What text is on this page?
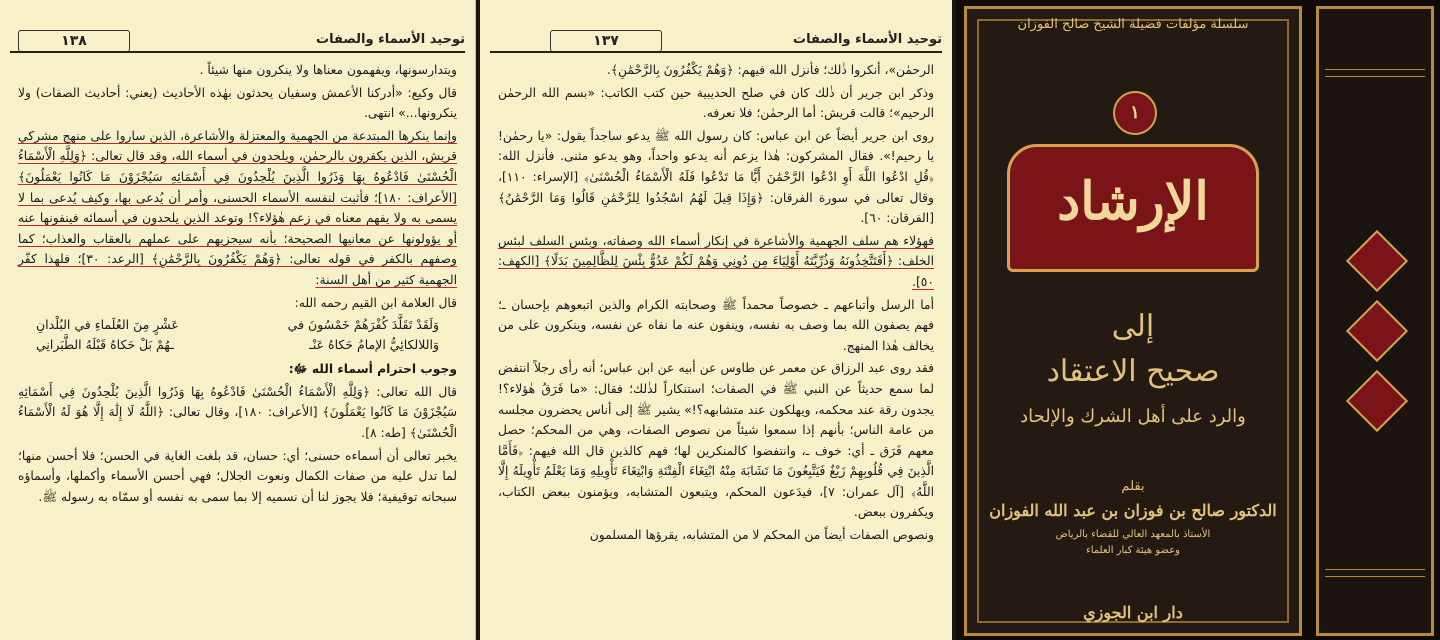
توحيد الأسماء والصفات
١٣٨

ويتدارسونها، ويفهمون معناها ولا ينكرون منها شيئاً .

قال وكيع: «أدركنا الأعمش وسفيان يحدثون بهٰذه الأحاديث (يعني: أحاديث الصفات) ولا ينكرونها...» انتهى.

وإنما ينكرها المبتدعة من الجهمية والمعتزلة والأشاعرة، الذين ساروا على منهج مشركي قريش، الذين يكفرون بالرحمٰن، ويلحدون في أسماء الله، وقد قال تعالى: ﴿وَلِلَّهِ الْأَسْمَاءُ الْحُسْنَىٰ فَادْعُوهُ بِهَا وَذَرُوا الَّذِينَ يُلْحِدُونَ فِي أَسْمَائِهِ سَيُجْزَوْنَ مَا كَانُوا يَعْمَلُونَ﴾ [الأعراف: ١٨٠]؛ فأثبت لنفسه الأسماء الحسنى، وأمر أن يُدعى بها، وكيف يُدعى بما لا يسمى به ولا يفهم معناه في زعم هٰؤلاء؟! وتوعد الذين يلحدون في أسمائه فينفونها عنه أو يؤولونها عن معانيها الصحيحة؛ بأنه سيجزيهم على عملهم بالعقاب والعذاب؛ كما وصفهم بالكفر في قوله تعالى: ﴿وَهُمْ يَكْفُرُونَ بِالرَّحْمَٰنِ﴾ [الرعد: ٣٠]؛ فلهذا كفّر الجهمية كثير من أهل السنة:

قال العلامة ابن القيم رحمه الله:

وَلَقَدْ تَقَلَّدَ كُفْرَهُمْ خَمْسُونَ في
عَشْرٍ مِنَ العُلَماءِ في البُلْدانِ
وَاللالكائِيُّ الإمامُ حَكاهُ عَنْـ
ـهُمْ بَلْ حَكاهُ قَبْلَهُ الطَّبَرانِي

وجوب احترام أسماء الله ﷻ:

قال الله تعالى: ﴿وَلِلَّهِ الْأَسْمَاءُ الْحُسْنَىٰ فَادْعُوهُ بِهَا وَذَرُوا الَّذِينَ يُلْحِدُونَ فِي أَسْمَائِهِ سَيُجْزَوْنَ مَا كَانُوا يَعْمَلُونَ﴾ [الأعراف: ١٨٠]، وقال تعالى: ﴿اللَّهُ لَا إِلَٰهَ إِلَّا هُوَ لَهُ الْأَسْمَاءُ الْحُسْنَىٰ﴾ [طه: ٨].

يخبر تعالى أن أسماءه حسنى؛ أي: حسان، قد بلغت الغاية في الحسن؛ فلا أحسن منها؛ لما تدل عليه من صفات الكمال ونعوت الجلال؛ فهي أحسن الأسماء وأكملها، وأسماؤه سبحانه توقيفية؛ فلا يجوز لنا أن نسميه إلا بما سمى به نفسه أو سمّاه به رسوله ﷺ.

توحيد الأسماء والصفات
١٣٧

الرحمٰن»، أنكروا ذٰلك؛ فأنزل الله فيهم: ﴿وَهُمْ يَكْفُرُونَ بِالرَّحْمَٰنِ﴾.

وذكر ابن جرير أن ذٰلك كان في صلح الحديبية حين كتب الكاتب: «بسم الله الرحمٰن الرحيم»؛ قالت قريش: أما الرحمٰن؛ فلا نعرفه.

روى ابن جرير أيضاً عن ابن عباس: كان رسول الله ﷺ يدعو ساجداً يقول: «يا رحمٰن! يا رحيم!». فقال المشركون: هٰذا يزعم أنه يدعو واحداً، وهو يدعو مثنى. فأنزل الله: ﴿قُلِ ادْعُوا اللَّهَ أَوِ ادْعُوا الرَّحْمَٰنَ أَيًّا مَا تَدْعُوا فَلَهُ الْأَسْمَاءُ الْحُسْنَىٰ﴾ [الإسراء: ١١٠]، وقال تعالى في سورة الفرقان: ﴿وَإِذَا قِيلَ لَهُمُ اسْجُدُوا لِلرَّحْمَٰنِ قَالُوا وَمَا الرَّحْمَٰنُ﴾ [الفرقان: ٦٠].

فهؤلاء هم سلف الجهمية والأشاعرة في إنكار أسماء الله وصفاته، وبئس السلف لبئس الخلف: ﴿أَفَتَتَّخِذُونَهُ وَذُرِّيَّتَهُ أَوْلِيَاءَ مِن دُونِي وَهُمْ لَكُمْ عَدُوٌّ بِئْسَ لِلظَّالِمِينَ بَدَلًا﴾ [الكهف: ٥٠].

أما الرسل وأتباعهم ـ خصوصاً محمداً ﷺ وصحابته الكرام والذين اتبعوهم بإحسان ـ؛ فهم يصفون الله بما وصف به نفسه، وينفون عنه ما نفاه عن نفسه، وينكرون على من يخالف هٰذا المنهج.

فقد روى عبد الرزاق عن معمر عن طاوس عن أبيه عن ابن عباس؛ أنه رأى رجلاً انتفض لما سمع حديثاً عن النبي ﷺ في الصفات؛ استنكاراً لذٰلك؛ فقال: «ما فَرَقُ هٰؤلاء؟! يجدون رقة عند محكمه، ويهلكون عند متشابهه؟!» يشير ﷺ إلى أناس يحضرون مجلسه من عامة الناس؛ بأنهم إذا سمعوا شيئاً من نصوص الصفات، وهي من المحكم؛ حصل معهم فَرَق ـ أي: خوف ـ، وانتفضوا كالمنكرين لها؛ فهم كالذين قال الله فيهم: ﴿فَأَمَّا الَّذِينَ فِي قُلُوبِهِمْ زَيْغٌ فَيَتَّبِعُونَ مَا تَشَابَهَ مِنْهُ ابْتِغَاءَ الْفِتْنَةِ وَابْتِغَاءَ تَأْوِيلِهِ وَمَا يَعْلَمُ تَأْوِيلَهُ إِلَّا اللَّهُ﴾ [آل عمران: ٧]، فيدَعون المحكم، ويتبعون المتشابه، ويؤمنون ببعض الكتاب، ويكفرون ببعض.

ونصوص الصفات أيضاً من المحكم لا من المتشابه، يقرؤها المسلمون

سلسلة مؤلفات فضيلة الشيخ صالح الفوزان
١
الإرشاد
إلى
صحيح الاعتقاد
والرد على أهل الشرك والإلحاد
بقلم
الدكتور صالح بن فوزان بن عبد الله الفوزان
الأستاذ بالمعهد العالي للقضاء بالرياض
وعضو هيئة كبار العلماء
دار ابن الجوزي
